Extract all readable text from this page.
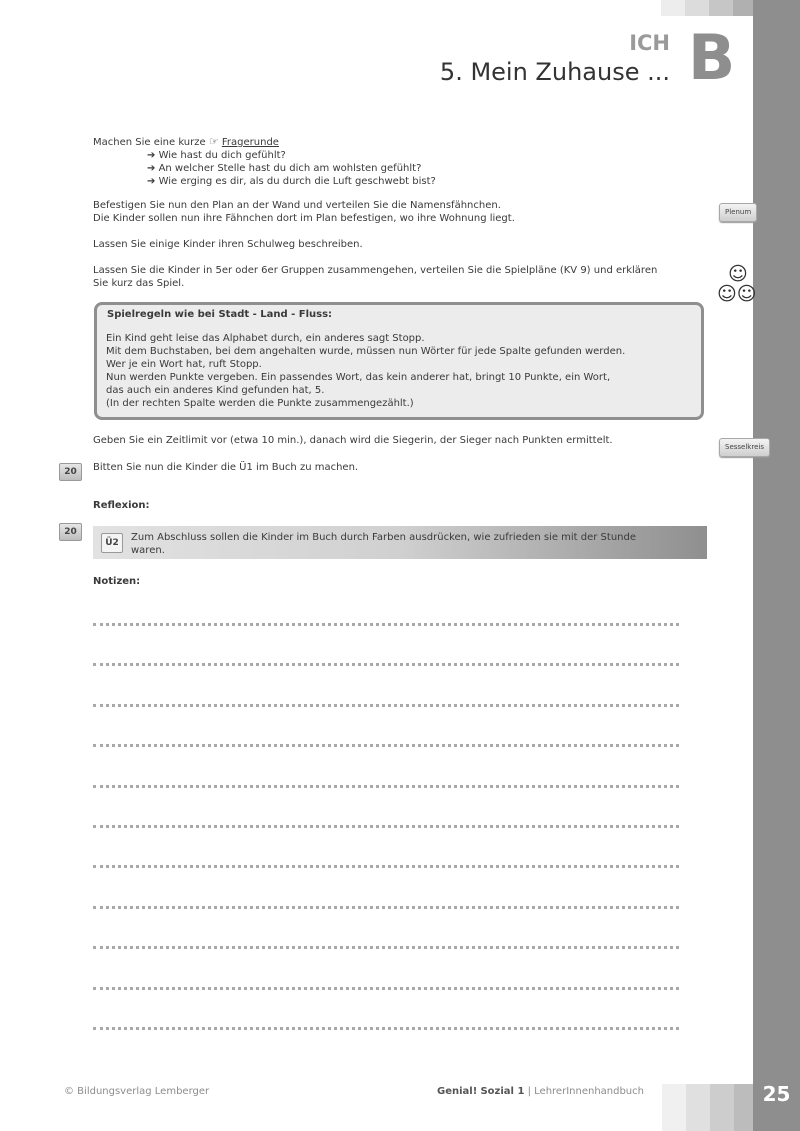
ICH
5. Mein Zuhause ... B
Machen Sie eine kurze ☞ Fragerunde
➔ Wie hast du dich gefühlt?
➔ An welcher Stelle hast du dich am wohlsten gefühlt?
➔ Wie erging es dir, als du durch die Luft geschwebt bist?
Befestigen Sie nun den Plan an der Wand und verteilen Sie die Namensfähnchen.
Die Kinder sollen nun ihre Fähnchen dort im Plan befestigen, wo ihre Wohnung liegt.
Lassen Sie einige Kinder ihren Schulweg beschreiben.
Lassen Sie die Kinder in 5er oder 6er Gruppen zusammengehen, verteilen Sie die Spielpläne (KV 9) und erklären
Sie kurz das Spiel.
Spielregeln wie bei Stadt - Land - Fluss:
Ein Kind geht leise das Alphabet durch, ein anderes sagt Stopp.
Mit dem Buchstaben, bei dem angehalten wurde, müssen nun Wörter für jede Spalte gefunden werden.
Wer je ein Wort hat, ruft Stopp.
Nun werden Punkte vergeben. Ein passendes Wort, das kein anderer hat, bringt 10 Punkte, ein Wort,
das auch ein anderes Kind gefunden hat, 5.
(In der rechten Spalte werden die Punkte zusammengezählt.)
Geben Sie ein Zeitlimit vor (etwa 10 min.), danach wird die Siegerin, der Sieger nach Punkten ermittelt.
20	Bitten Sie nun die Kinder die Ü1 im Buch zu machen.
Reflexion:
20
Ü2	Zum Abschluss sollen die Kinder im Buch durch Farben ausdrücken, wie zufrieden sie mit der Stunde
waren.
Notizen:
Plenum
☺
☺☺
Sesselkreis
© Bildungsverlag Lemberger	Genial! Sozial 1 | LehrerInnenhandbuch	25
